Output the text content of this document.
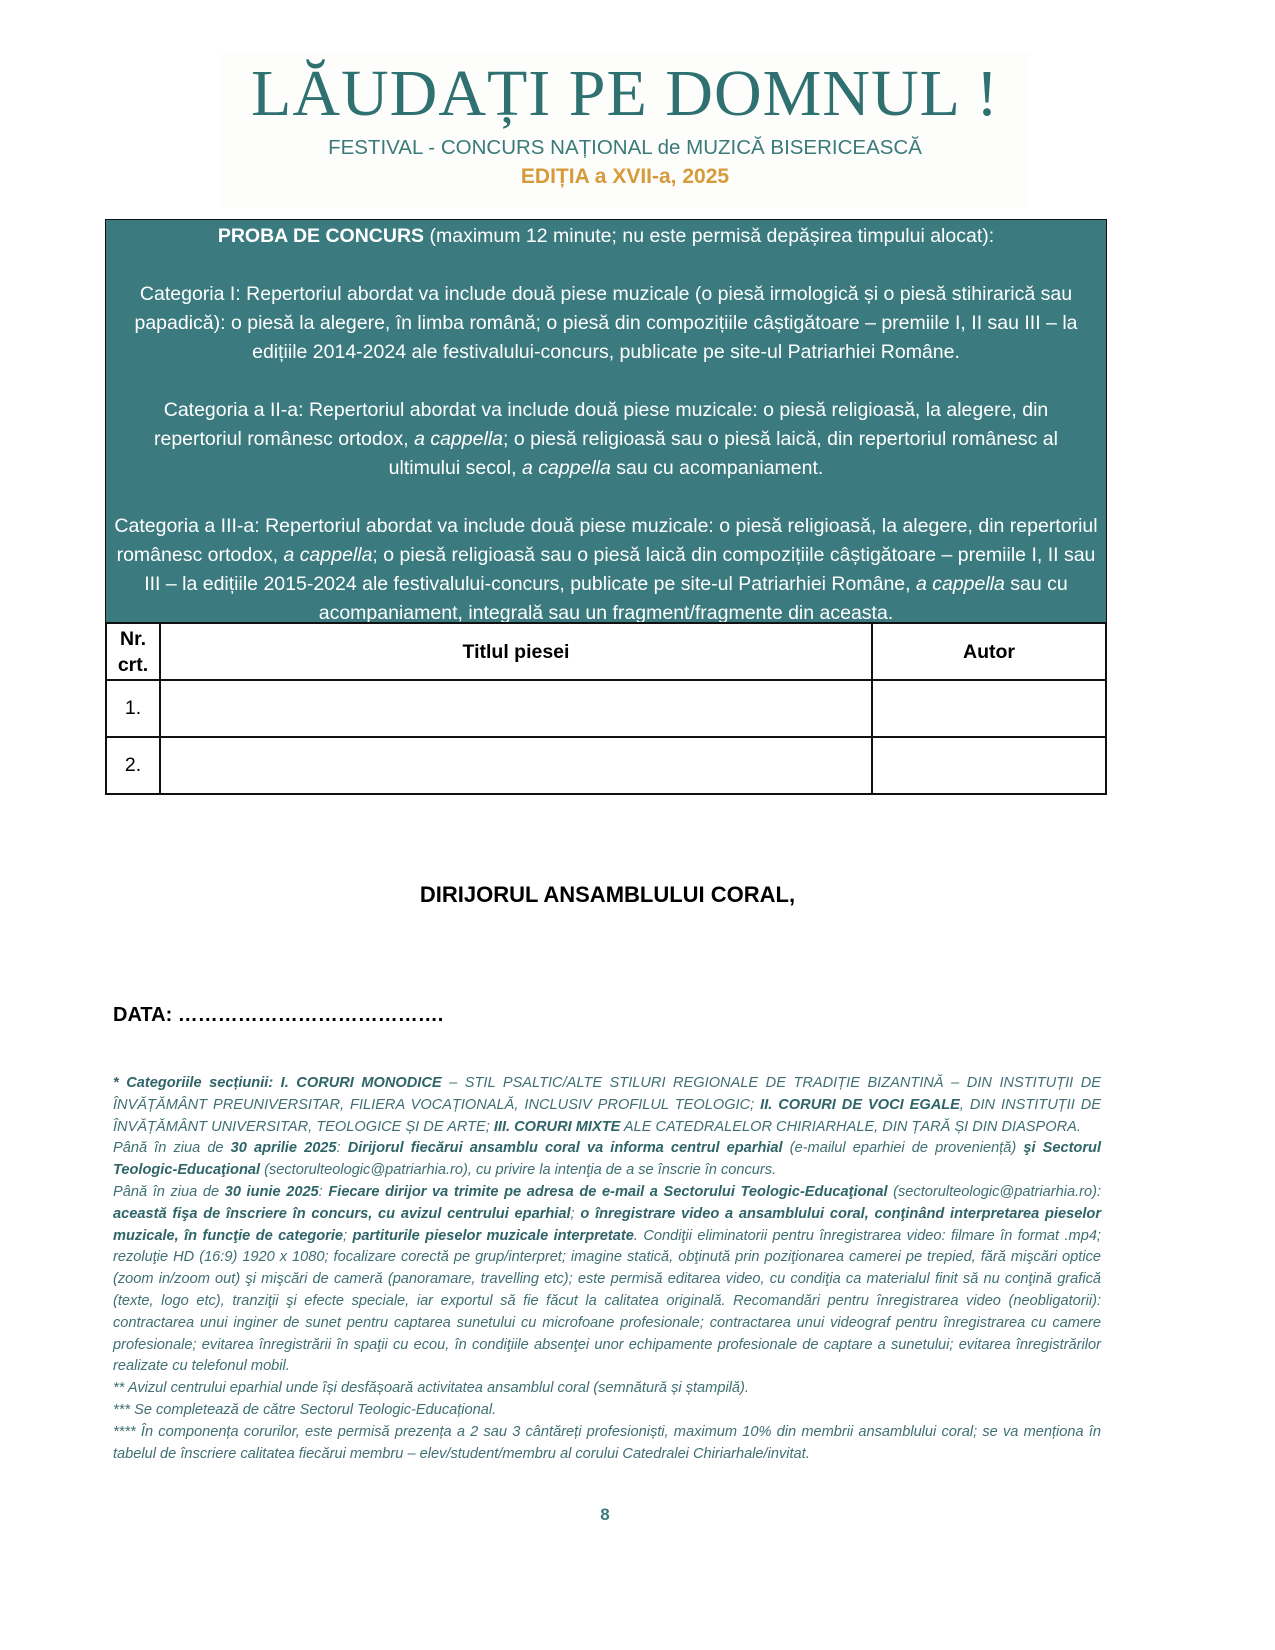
LĂUDAȚI PE DOMNUL !
FESTIVAL - CONCURS NAȚIONAL de MUZICĂ BISERICEASCĂ
EDIȚIA a XVII-a, 2025

PROBA DE CONCURS (maximum 12 minute; nu este permisă depășirea timpului alocat):

Categoria I: Repertoriul abordat va include două piese muzicale (o piesă irmologică și o piesă stihirarică sau papadică): o piesă la alegere, în limba română; o piesă din compozițiile câștigătoare – premiile I, II sau III – la edițiile 2014-2024 ale festivalului-concurs, publicate pe site-ul Patriarhiei Române.

Categoria a II-a: Repertoriul abordat va include două piese muzicale: o piesă religioasă, la alegere, din repertoriul românesc ortodox, a cappella; o piesă religioasă sau o piesă laică, din repertoriul românesc al ultimului secol, a cappella sau cu acompaniament.

Categoria a III-a: Repertoriul abordat va include două piese muzicale: o piesă religioasă, la alegere, din repertoriul românesc ortodox, a cappella; o piesă religioasă sau o piesă laică din compozițiile câștigătoare – premiile I, II sau III – la edițiile 2015-2024 ale festivalului-concurs, publicate pe site-ul Patriarhiei Române, a cappella sau cu acompaniament, integrală sau un fragment/fragmente din aceasta.

Nr. crt.	Titlul piesei	Autor
1.		
2.		
DIRIJORUL ANSAMBLULUI CORAL,
DATA: ………………………………….

* Categoriile secțiunii: I. CORURI MONODICE – STIL PSALTIC/ALTE STILURI REGIONALE DE TRADIȚIE BIZANTINĂ – DIN INSTITUȚII DE ÎNVĂȚĂMÂNT PREUNIVERSITAR, FILIERA VOCAȚIONALĂ, INCLUSIV PROFILUL TEOLOGIC; II. CORURI DE VOCI EGALE, DIN INSTITUȚII DE ÎNVĂȚĂMÂNT UNIVERSITAR, TEOLOGICE ȘI DE ARTE; III. CORURI MIXTE ALE CATEDRALELOR CHIRIARHALE, DIN ȚARĂ ȘI DIN DIASPORA.

Până în ziua de 30 aprilie 2025: Dirijorul fiecărui ansamblu coral va informa centrul eparhial (e-mailul eparhiei de proveniență) şi Sectorul Teologic-Educaţional (sectorulteologic@patriarhia.ro), cu privire la intenţia de a se înscrie în concurs.

Până în ziua de 30 iunie 2025: Fiecare dirijor va trimite pe adresa de e-mail a Sectorului Teologic-Educaţional (sectorulteologic@patriarhia.ro): această fişa de înscriere în concurs, cu avizul centrului eparhial; o înregistrare video a ansamblului coral, conţinând interpretarea pieselor muzicale, în funcţie de categorie; partiturile pieselor muzicale interpretate. Condiţii eliminatorii pentru înregistrarea video: filmare în format .mp4; rezoluţie HD (16:9) 1920 x 1080; focalizare corectă pe grup/interpret; imagine statică, obţinută prin poziţionarea camerei pe trepied, fără mişcări optice (zoom in/zoom out) şi mişcări de cameră (panoramare, travelling etc); este permisă editarea video, cu condiţia ca materialul finit să nu conţină grafică (texte, logo etc), tranziţii şi efecte speciale, iar exportul să fie făcut la calitatea originală. Recomandări pentru înregistrarea video (neobligatorii): contractarea unui inginer de sunet pentru captarea sunetului cu microfoane profesionale; contractarea unui videograf pentru înregistrarea cu camere profesionale; evitarea înregistrării în spaţii cu ecou, în condiţiile absenţei unor echipamente profesionale de captare a sunetului; evitarea înregistrărilor realizate cu telefonul mobil.

** Avizul centrului eparhial unde își desfășoară activitatea ansamblul coral (semnătură și ștampilă).

*** Se completează de către Sectorul Teologic-Educațional.

**** În componența corurilor, este permisă prezența a 2 sau 3 cântăreți profesioniști, maximum 10% din membrii ansamblului coral; se va menționa în tabelul de înscriere calitatea fiecărui membru – elev/student/membru al corului Catedralei Chiriarhale/invitat.

8
